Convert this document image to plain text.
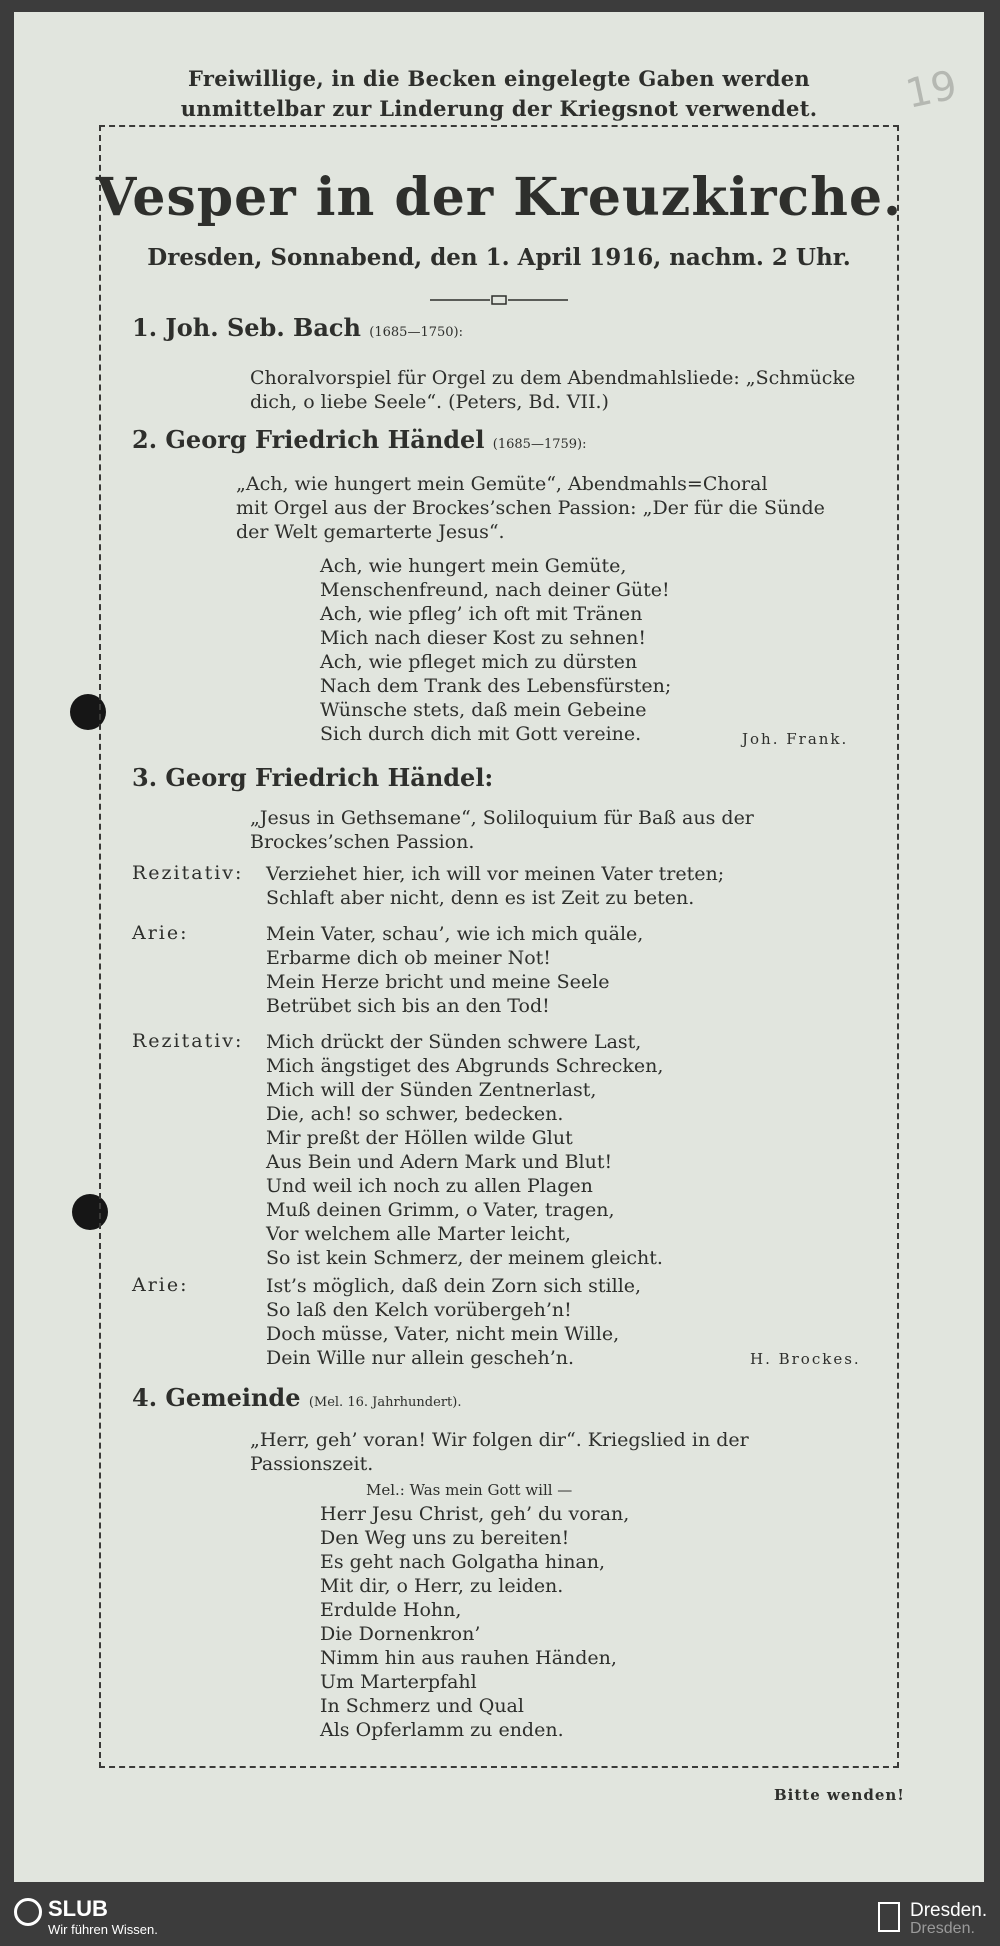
19
Freiwillige, in die Becken eingelegte Gaben werden
unmittelbar zur Linderung der Kriegsnot verwendet.
Vesper in der Kreuzkirche.
Dresden, Sonnabend, den 1. April 1916, nachm. 2 Uhr.
1. Joh. Seb. Bach (1685—1750):
Choralvorspiel für Orgel zu dem Abendmahlsliede: „Schmücke
dich, o liebe Seele“. (Peters, Bd. VII.)
2. Georg Friedrich Händel (1685—1759):
„Ach, wie hungert mein Gemüte“, Abendmahls=Choral
mit Orgel aus der Brockes’schen Passion: „Der für die Sünde
der Welt gemarterte Jesus“.
Ach, wie hungert mein Gemüte,
Menschenfreund, nach deiner Güte!
Ach, wie pfleg’ ich oft mit Tränen
Mich nach dieser Kost zu sehnen!
Ach, wie pfleget mich zu dürsten
Nach dem Trank des Lebensfürsten;
Wünsche stets, daß mein Gebeine
Sich durch dich mit Gott vereine.	Joh. Frank.
3. Georg Friedrich Händel:
„Jesus in Gethsemane“, Soliloquium für Baß aus der
Brockes’schen Passion.
Rezitativ: Verziehet hier, ich will vor meinen Vater treten;
Schlaft aber nicht, denn es ist Zeit zu beten.
Arie:	Mein Vater, schau’, wie ich mich quäle,
Erbarme dich ob meiner Not!
Mein Herze bricht und meine Seele
Betrübet sich bis an den Tod!
Rezitativ: Mich drückt der Sünden schwere Last,
Mich ängstiget des Abgrunds Schrecken,
Mich will der Sünden Zentnerlast,
Die, ach! so schwer, bedecken.
Mir preßt der Höllen wilde Glut
Aus Bein und Adern Mark und Blut!
Und weil ich noch zu allen Plagen
Muß deinen Grimm, o Vater, tragen,
Vor welchem alle Marter leicht,
So ist kein Schmerz, der meinem gleicht.
Arie:	Ist’s möglich, daß dein Zorn sich stille,
So laß den Kelch vorübergeh’n!
Doch müsse, Vater, nicht mein Wille,
Dein Wille nur allein gescheh’n.	H. Brockes.
4. Gemeinde (Mel. 16. Jahrhundert).
„Herr, geh’ voran! Wir folgen dir“. Kriegslied in der
Passionszeit.
Mel.: Was mein Gott will —
Herr Jesu Christ, geh’ du voran,
Den Weg uns zu bereiten!
Es geht nach Golgatha hinan,
Mit dir, o Herr, zu leiden.
Erdulde Hohn,
Die Dornenkron’
Nimm hin aus rauhen Händen,
Um Marterpfahl
In Schmerz und Qual
Als Opferlamm zu enden.
Bitte wenden!
SLUB
Wir führen Wissen.
Dresden.
Dresden.
